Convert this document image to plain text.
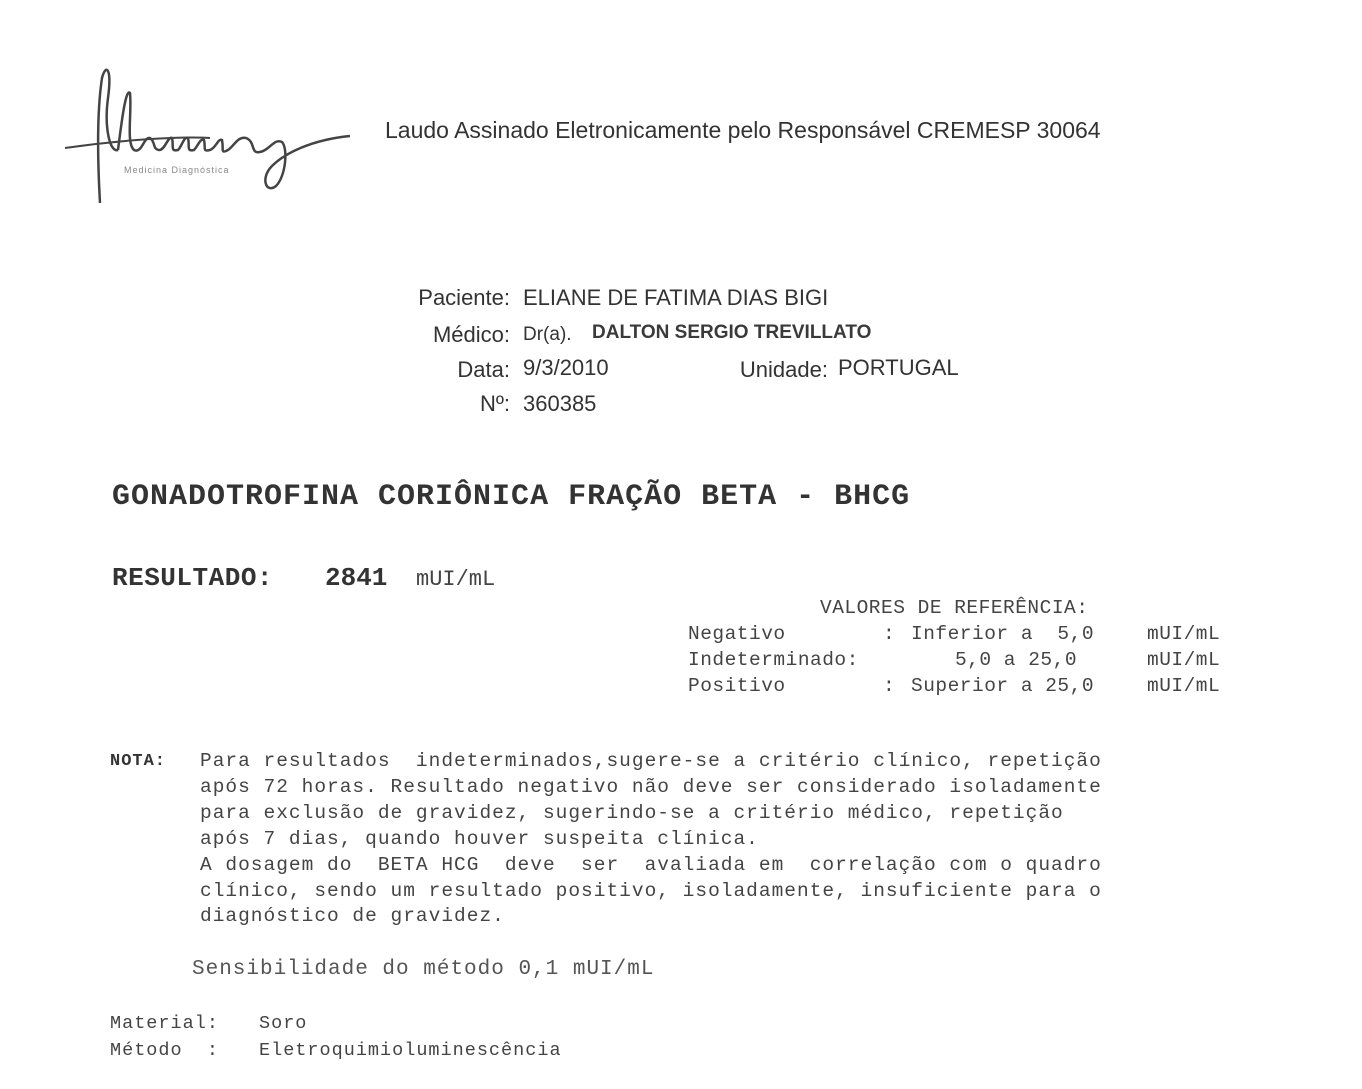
Medicina Diagnóstica
Laudo Assinado Eletronicamente pelo Responsável CREMESP 30064
Paciente: ELIANE DE FATIMA DIAS BIGI
Médico: Dr(a). DALTON SERGIO TREVILLATO
Data: 9/3/2010	Unidade: PORTUGAL
Nº: 360385
GONADOTROFINA CORIÔNICA FRAÇÃO BETA - BHCG
RESULTADO: 2841 mUI/mL
VALORES DE REFERÊNCIA:
Negativo	: Inferior a  5,0	mUI/mL
Indeterminado:	5,0 a 25,0	mUI/mL
Positivo	: Superior a 25,0	mUI/mL
NOTA: Para resultados  indeterminados,sugere-se a critério clínico, repetição
após 72 horas. Resultado negativo não deve ser considerado isoladamente
para exclusão de gravidez, sugerindo-se a critério médico, repetição
após 7 dias, quando houver suspeita clínica.
A dosagem do  BETA HCG  deve  ser  avaliada em  correlação com o quadro
clínico, sendo um resultado positivo, isoladamente, insuficiente para o
diagnóstico de gravidez.
Sensibilidade do método 0,1 mUI/mL
Material: Soro
Método  : Eletroquimioluminescência
